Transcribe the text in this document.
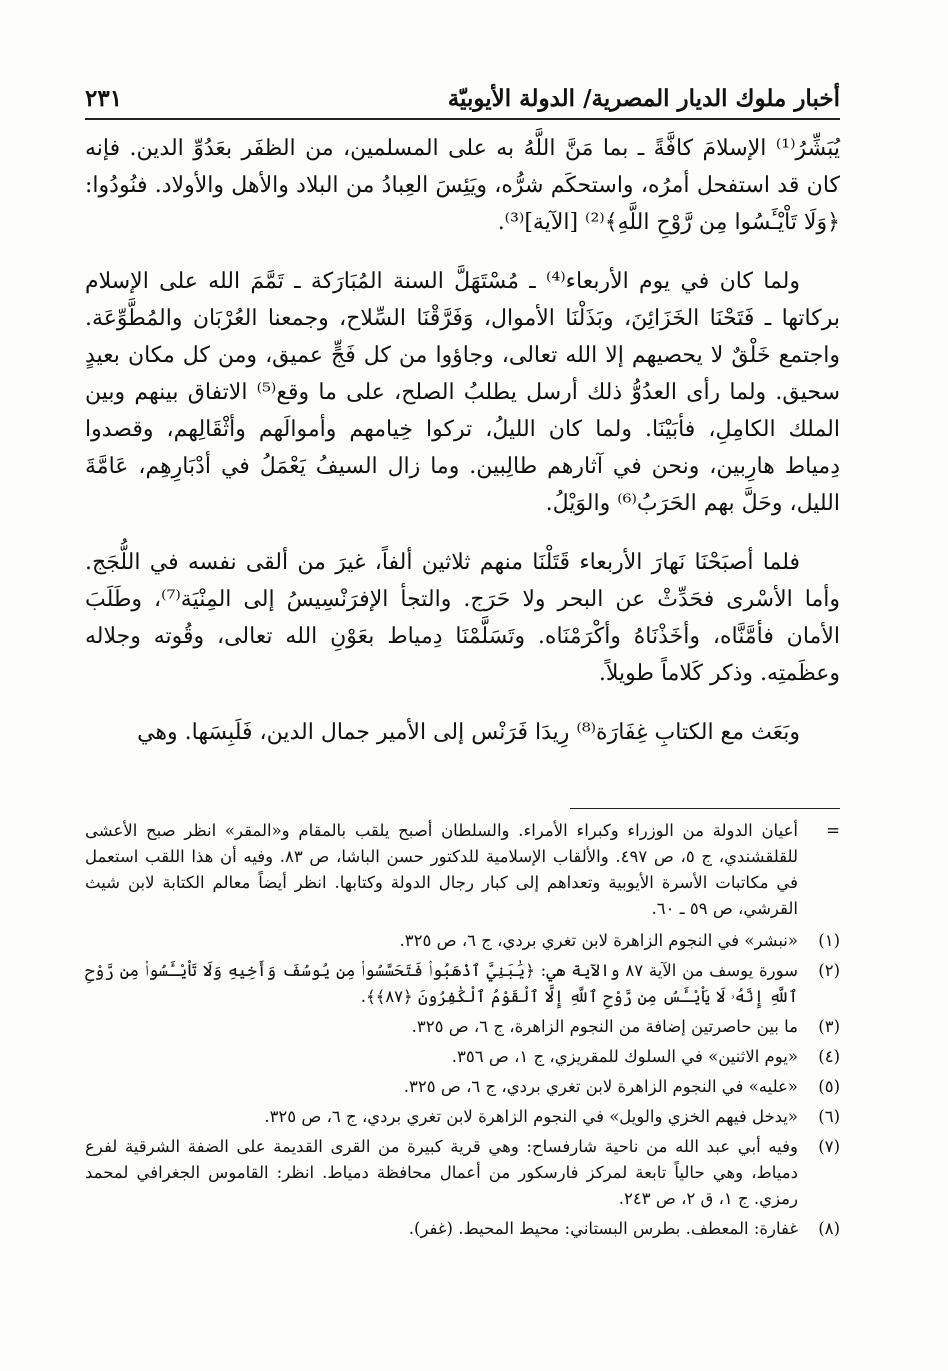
أخبار ملوك الديار المصرية/ الدولة الأيوبيّة
٢٣١

يُبَشِّرُ⁽¹⁾ الإسلامَ كافَّةً ـ بما مَنَّ اللَّهُ به على المسلمين، من الظفَر بعَدُوِّ الدين. فإنه كان قد استفحل أمرُه، واستحكَم شرُّه، ويَئِسَ العِبادُ من البلاد والأهل والأولاد. فنُودُوا: ﴿وَلَا تَاْيْـَٔسُوا مِن رَّوْحِ اللَّهِ﴾⁽²⁾ [الآية]⁽³⁾.

ولما كان في يوم الأربعاء⁽⁴⁾ ـ مُسْتَهَلَّ السنة المُبَارَكة ـ تَمَّمَ الله على الإسلام بركاتها ـ فَتَحْنَا الخَزَائِنَ، وبَذَلْنَا الأموال، وَفَرَّقْنَا السِّلاح، وجمعنا العُرْبَان والمُطَّوِّعَة. واجتمع خَلْقٌ لا يحصيهم إلا الله تعالى، وجاؤوا من كل فَجٍّ عميق، ومن كل مكان بعيدٍ سحيق. ولما رأى العدُوُّ ذلك أرسل يطلبُ الصلح، على ما وقع⁽⁵⁾ الاتفاق بينهم وبين الملك الكامِلِ، فأبَيْنَا. ولما كان الليلُ، تركوا خِيامهم وأموالَهم وأثْقَالِهم، وقصدوا دِمياط هارِبين، ونحن في آثارهم طالِبين. وما زال السيفُ يَعْمَلُ في أدْبَارِهِم، عَامَّةَ الليل، وحَلَّ بهم الحَرَبُ⁽⁶⁾ والوَيْلُ.

فلما أصبَحْنَا نَهارَ الأربعاء قَتَلْنَا منهم ثلاثين ألفاً، غيرَ من ألقى نفسه في اللُّجَج. وأما الأسْرى فحَدِّثْ عن البحر ولا حَرَج. والتجأ الإفرَنْسِيسُ إلى المِنْيَة⁽⁷⁾، وطَلَبَ الأمان فأمَّنَّاه، وأخَذْنَاهُ وأكْرَمْنَاه. وتَسَلَّمْنَا دِمياط بعَوْنِ الله تعالى، وقُوته وجلاله وعظَمتِه. وذكر كَلاماً طويلاً.

وبَعَث مع الكتابِ غِفَارَة⁽⁸⁾ رِيدَا فَرَنْس إلى الأمير جمال الدين، فَلَبِسَها. وهي

=
أعيان الدولة من الوزراء وكبراء الأمراء. والسلطان أصبح يلقب بالمقام و«المقر» انظر صبح الأعشى للقلقشندي، ج ٥، ص ٤٩٧. والألقاب الإسلامية للدكتور حسن الباشا، ص ٨٣. وفيه أن هذا اللقب استعمل في مكاتبات الأسرة الأيوبية وتعداهم إلى كبار رجال الدولة وكتابها. انظر أيضاً معالم الكتابة لابن شيث القرشي، ص ٥٩ ـ ٦٠.
(١)
«نبشر» في النجوم الزاهرة لابن تغري بردي، ج ٦، ص ٣٢٥.
(٢)
سورة يوسف من الآية ٨٧ والآية هي: ﴿يَٰبَنِيَّ ٱذْهَبُوا۟ فَتَحَسَّسُوا۟ مِن يُوسُفَ وَأَخِيهِ وَلَا تَاْيْـَٔسُوا۟ مِن رَّوْحِ ٱللَّهِ إِنَّهُۥ لَا يَاْيْـَٔسُ مِن رَّوْحِ ٱللَّهِ إِلَّا ٱلْقَوْمُ ٱلْكَٰفِرُونَ ﴿٨٧﴾﴾.
(٣)
ما بين حاصرتين إضافة من النجوم الزاهرة، ج ٦، ص ٣٢٥.
(٤)
«يوم الاثنين» في السلوك للمقريزي، ج ١، ص ٣٥٦.
(٥)
«عليه» في النجوم الزاهرة لابن تغري بردي، ج ٦، ص ٣٢٥.
(٦)
«يدخل فيهم الخزي والويل» في النجوم الزاهرة لابن تغري بردي، ج ٦، ص ٣٢٥.
(٧)
وفيه أبي عبد الله من ناحية شارفساح: وهي قرية كبيرة من القرى القديمة على الضفة الشرقية لفرع دمياط، وهي حالياً تابعة لمركز فارسكور من أعمال محافظة دمياط. انظر: القاموس الجغرافي لمحمد رمزي. ج ١، ق ٢، ص ٢٤٣.
(٨)
غفارة: المعطف. بطرس البستاني: محيط المحيط. (غفر).
